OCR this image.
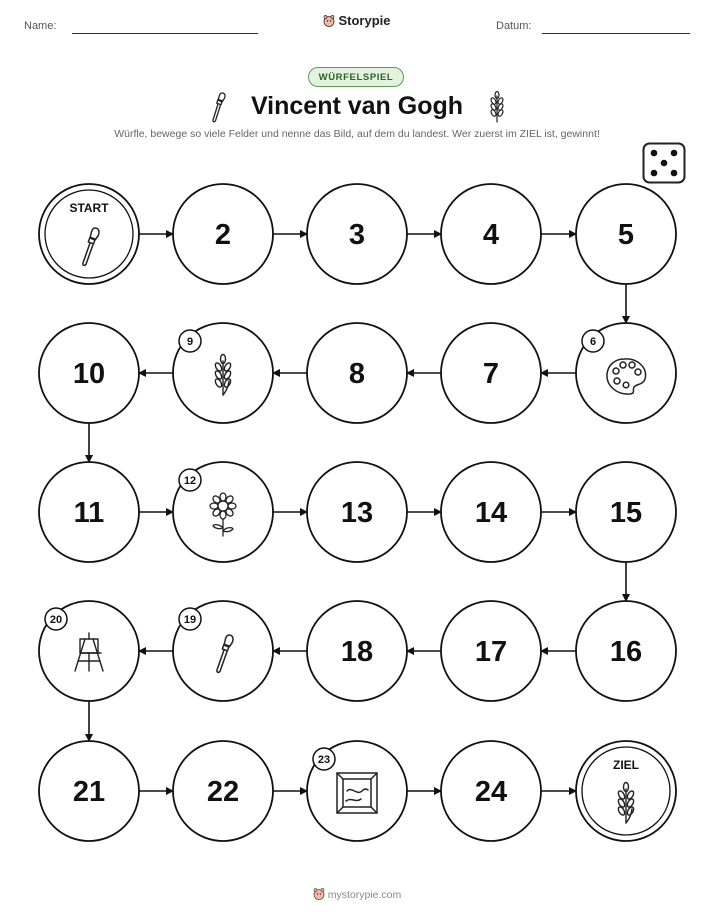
Name:	Storypie	Datum:
WÜRFELSPIEL
Vincent van Gogh
Würfle, bewege so viele Felder und nenne das Bild, auf dem du landest. Wer zuerst im ZIEL ist, gewinnt!
START
2	3	4	5
6
7
8
9
10
11
12
13	14	15
16
17
18
19
20
21	22
23
24
ZIEL
mystorypie.com
